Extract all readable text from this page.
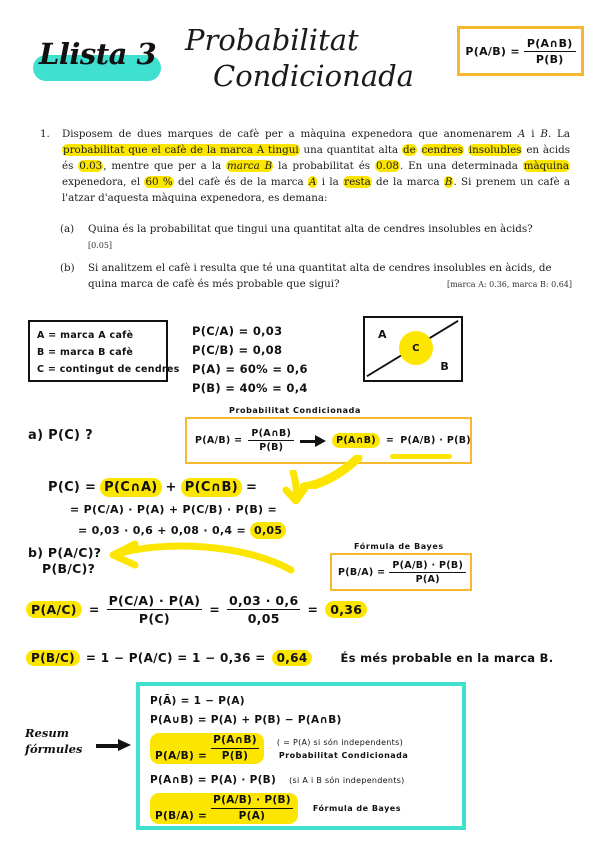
Llista 3 Probabilitat
Condicionada
$P(A/B) = \frac{P(A\cap B)}{P(B)}$
1.	Disposem de dues marques de cafè per a màquina expenedora que anomenarem A i B. La probabilitat que el cafè de la marca A tingui una quantitat alta de cendres insolubles en àcids és 0.03, mentre que per a la marca B la probabilitat és 0.08. En una determinada màquina expenedora, el 60 % del cafè és de la marca A i la resta de la marca B. Si prenem un cafè a l'atzar d'aquesta màquina expenedora, es demana:
(a)	Quina és la probabilitat que tingui una quantitat alta de cendres insolubles en àcids?
[0.05]
(b)	Si analitzem el cafè i resulta que té una quantitat alta de cendres insolubles en àcids, de quina marca de cafè és més probable que sigui?	[marca A: 0.36, marca B: 0.64]
A = marca A cafè
B = marca B cafè
C = contingut de cendres
P(C/A) = 0,03
P(C/B) = 0,08
P(A) = 60% = 0,6
P(B) = 40% = 0,4
A
C
B
a) P(C) ?
Probabilitat Condicionada
$P(A/B) = \frac{P(A\cap B)}{P(B)}$	P(A∩B)	= P(A/B) · P(B)
P(C) = P(C∩A) + P(C∩B) =
= P(C/A) · P(A) + P(C/B) · P(B) =
= 0,03 · 0,6 + 0,08 · 0,4 = 0,05
b) P(A/C)?
P(B/C)?
Fórmula de Bayes
$P(B/A) = \frac{P(A/B) \cdot P(B)}{P(A)}$
$P(A/C) = \frac{P(C/A) \cdot P(A)}{P(C)} = \frac{0,03 \cdot 0,6}{0,05} = 0,36$
P(B/C) = 1 − P(A/C) = 1 − 0,36 = 0,64	És més probable en la marca B.
Resum
fórmules
P(Ā) = 1 − P(A)
P(A∪B) = P(A) + P(B) − P(A∩B)
$P(A/B) = \frac{P(A\cap B)}{P(B)}$	( = P(A) si són independents)
Probabilitat Condicionada
P(A∩B) = P(A) · P(B) (si A i B són independents)
$P(B/A) = \frac{P(A/B) \cdot P(B)}{P(A)}$	Fórmula de Bayes
